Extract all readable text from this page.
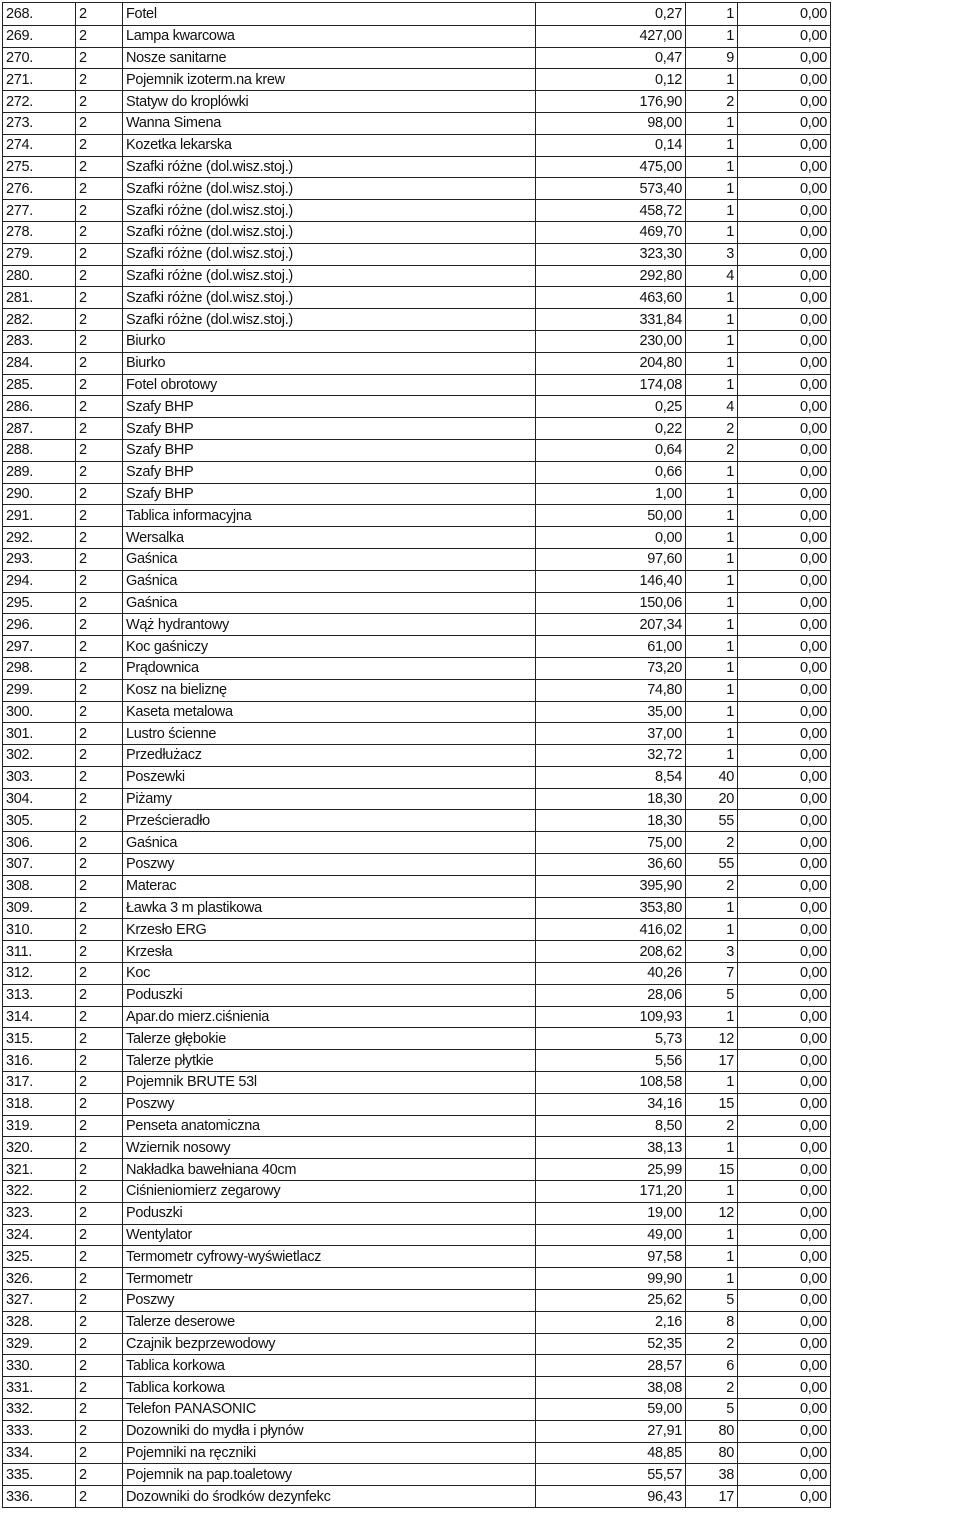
268.	2	Fotel	0,27	1	0,00
269.	2	Lampa kwarcowa	427,00	1	0,00
270.	2	Nosze sanitarne	0,47	9	0,00
271.	2	Pojemnik izoterm.na krew	0,12	1	0,00
272.	2	Statyw do kroplówki	176,90	2	0,00
273.	2	Wanna Simena	98,00	1	0,00
274.	2	Kozetka lekarska	0,14	1	0,00
275.	2	Szafki różne (dol.wisz.stoj.)	475,00	1	0,00
276.	2	Szafki różne (dol.wisz.stoj.)	573,40	1	0,00
277.	2	Szafki różne (dol.wisz.stoj.)	458,72	1	0,00
278.	2	Szafki różne (dol.wisz.stoj.)	469,70	1	0,00
279.	2	Szafki różne (dol.wisz.stoj.)	323,30	3	0,00
280.	2	Szafki różne (dol.wisz.stoj.)	292,80	4	0,00
281.	2	Szafki różne (dol.wisz.stoj.)	463,60	1	0,00
282.	2	Szafki różne (dol.wisz.stoj.)	331,84	1	0,00
283.	2	Biurko	230,00	1	0,00
284.	2	Biurko	204,80	1	0,00
285.	2	Fotel obrotowy	174,08	1	0,00
286.	2	Szafy BHP	0,25	4	0,00
287.	2	Szafy BHP	0,22	2	0,00
288.	2	Szafy BHP	0,64	2	0,00
289.	2	Szafy BHP	0,66	1	0,00
290.	2	Szafy BHP	1,00	1	0,00
291.	2	Tablica informacyjna	50,00	1	0,00
292.	2	Wersalka	0,00	1	0,00
293.	2	Gaśnica	97,60	1	0,00
294.	2	Gaśnica	146,40	1	0,00
295.	2	Gaśnica	150,06	1	0,00
296.	2	Wąż hydrantowy	207,34	1	0,00
297.	2	Koc gaśniczy	61,00	1	0,00
298.	2	Prądownica	73,20	1	0,00
299.	2	Kosz na bieliznę	74,80	1	0,00
300.	2	Kaseta metalowa	35,00	1	0,00
301.	2	Lustro ścienne	37,00	1	0,00
302.	2	Przedłużacz	32,72	1	0,00
303.	2	Poszewki	8,54	40	0,00
304.	2	Piżamy	18,30	20	0,00
305.	2	Prześcieradło	18,30	55	0,00
306.	2	Gaśnica	75,00	2	0,00
307.	2	Poszwy	36,60	55	0,00
308.	2	Materac	395,90	2	0,00
309.	2	Ławka 3 m plastikowa	353,80	1	0,00
310.	2	Krzesło ERG	416,02	1	0,00
311.	2	Krzesła	208,62	3	0,00
312.	2	Koc	40,26	7	0,00
313.	2	Poduszki	28,06	5	0,00
314.	2	Apar.do mierz.ciśnienia	109,93	1	0,00
315.	2	Talerze głębokie	5,73	12	0,00
316.	2	Talerze płytkie	5,56	17	0,00
317.	2	Pojemnik BRUTE 53l	108,58	1	0,00
318.	2	Poszwy	34,16	15	0,00
319.	2	Penseta anatomiczna	8,50	2	0,00
320.	2	Wziernik nosowy	38,13	1	0,00
321.	2	Nakładka bawełniana 40cm	25,99	15	0,00
322.	2	Ciśnieniomierz zegarowy	171,20	1	0,00
323.	2	Poduszki	19,00	12	0,00
324.	2	Wentylator	49,00	1	0,00
325.	2	Termometr cyfrowy-wyświetlacz	97,58	1	0,00
326.	2	Termometr	99,90	1	0,00
327.	2	Poszwy	25,62	5	0,00
328.	2	Talerze deserowe	2,16	8	0,00
329.	2	Czajnik bezprzewodowy	52,35	2	0,00
330.	2	Tablica korkowa	28,57	6	0,00
331.	2	Tablica korkowa	38,08	2	0,00
332.	2	Telefon PANASONIC	59,00	5	0,00
333.	2	Dozowniki do mydła i płynów	27,91	80	0,00
334.	2	Pojemniki na ręczniki	48,85	80	0,00
335.	2	Pojemnik na pap.toaletowy	55,57	38	0,00
336.	2	Dozowniki do środków dezynfekc	96,43	17	0,00
